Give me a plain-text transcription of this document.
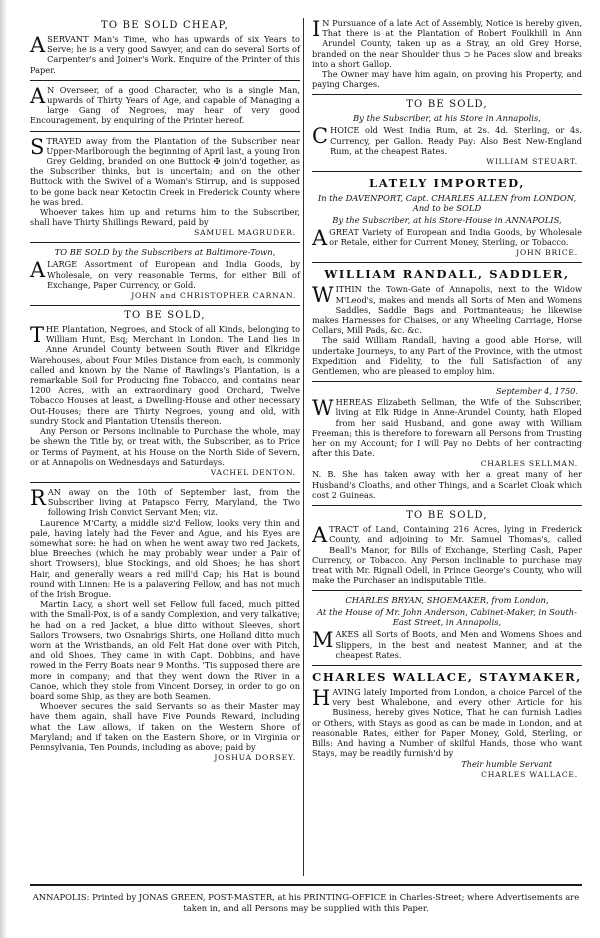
TO BE SOLD CHEAP,

ASERVANT Man's Time, who has upwards of six Years to Serve; he is a very good Sawyer, and can do several Sorts of Carpenter's and Joiner's Work. Enquire of the Printer of this Paper.

A N Overseer, of a good Character, who is a single Man, upwards of Thirty Years of Age, and capable of Managing a large Gang of Negroes, may hear of very good Encouragement, by enquiring of the Printer hereof.

STRAYED away from the Plantation of the Subscriber near Upper-Marlborough the beginning of April last, a young Iron Grey Gelding, branded on one Buttock ✠ join'd together, as the Subscriber thinks, but is uncertain; and on the other Buttock with the Swivel of a Woman's Stirrup, and is supposed to be gone back near Ketoctin Creek in Frederick County where he was bred.

Whoever takes him up and returns him to the Subscriber, shall have Thirty Shillings Reward, paid by

SAMUEL MAGRUDER.
TO BE SOLD by the Subscribers at Baltimore-Town,

ALARGE Assortment of European and India Goods, by Wholesale, on very reasonable Terms, for either Bill of Exchange, Paper Currency, or Gold.

JOHN and CHRISTOPHER CARNAN.
TO BE SOLD,

THE Plantation, Negroes, and Stock of all Kinds, belonging to William Hunt, Esq; Merchant in London. The Land lies in Anne Arundel County between South River and Elkridge Warehouses, about Four Miles Distance from each, is commonly called and known by the Name of Rawlings's Plantation, is a remarkable Soil for Producing fine Tobacco, and contains near 1200 Acres, with an extraordinary good Orchard, Twelve Tobacco Houses at least, a Dwelling-House and other necessary Out-Houses; there are Thirty Negroes, young and old, with sundry Stock and Plantation Utensils thereon.

Any Person or Persons inclinable to Purchase the whole, may be shewn the Title by, or treat with, the Subscriber, as to Price or Terms of Payment, at his House on the North Side of Severn, or at Annapolis on Wednesdays and Saturdays.

VACHEL DENTON.

RAN away on the 10th of September last, from the Subscriber living at Patapsco Ferry, Maryland, the Two following Irish Convict Servant Men; viz.

Laurence M'Carty, a middle siz'd Fellow, looks very thin and pale, having lately had the Fever and Ague, and his Eyes are somewhat sore: he had on when he went away two red Jackets, blue Breeches (which he may probably wear under a Pair of short Trowsers), blue Stockings, and old Shoes; he has short Hair, and generally wears a red mill'd Cap; his Hat is bound round with Linnen: He is a palavering Fellow, and has not much of the Irish Brogue.

Martin Lacy, a short well set Fellow full faced, much pitted with the Small-Pox, is of a sandy Complexion, and very talkative; he had on a red Jacket, a blue ditto without Sleeves, short Sailors Trowsers, two Osnabrigs Shirts, one Holland ditto much worn at the Wristbands, an old Felt Hat done over with Pitch, and old Shoes. They came in with Capt. Dobbins, and have rowed in the Ferry Boats near 9 Months. 'Tis supposed there are more in company; and that they went down the River in a Canoe, which they stole from Vincent Dorsey, in order to go on board some Ship, as they are both Seamen.

Whoever secures the said Servants so as their Master may have them again, shall have Five Pounds Reward, including what the Law allows, if taken on the Western Shore of Maryland; and if taken on the Eastern Shore, or in Virginia or Pennsylvania, Ten Pounds, including as above; paid by

JOSHUA DORSEY.

I N Pursuance of a late Act of Assembly, Notice is hereby given, That there is at the Plantation of Robert Foulkhill in Ann Arundel County, taken up as a Stray, an old Grey Horse, branded on the near Shoulder thus ⊃ he Paces slow and breaks into a short Gallop.

The Owner may have him again, on proving his Property, and paying Charges.

TO BE SOLD,
By the Subscriber, at his Store in Annapolis,

CHOICE old West India Rum, at 2s. 4d. Sterling, or 4s. Currency, per Gallon. Ready Pay: Also Best New-England Rum, at the cheapest Rates.

WILLIAM STEUART.
LATELY IMPORTED,
In the DAVENPORT, Capt. CHARLES ALLEN from LONDON, And to be SOLD
By the Subscriber, at his Store-House in ANNAPOLIS,

AGREAT Variety of European and India Goods, by Wholesale or Retale, either for Current Money, Sterling, or Tobacco.

JOHN BRICE.
WILLIAM RANDALL, SADDLER,

WITHIN the Town-Gate of Annapolis, next to the Widow M'Leod's, makes and mends all Sorts of Men and Womens Saddles, Saddle Bags and Portmanteaus; he likewise makes Harnesses for Chaises, or any Wheeling Carriage, Horse Collars, Mill Pads, &c. &c.

The said William Randall, having a good able Horse, will undertake Journeys, to any Part of the Province, with the utmost Expedition and Fidelity, to the full Satisfaction of any Gentlemen, who are pleased to employ him.

September 4, 1750.

WHEREAS Elizabeth Sellman, the Wife of the Subscriber, living at Elk Ridge in Anne-Arundel County, hath Eloped from her said Husband, and gone away with William Freeman; this is therefore to forewarn all Persons from Trusting her on my Account; for I will Pay no Debts of her contracting after this Date.

CHARLES SELLMAN.

N. B. She has taken away with her a great many of her Husband's Cloaths, and other Things, and a Scarlet Cloak which cost 2 Guineas.

TO BE SOLD,

ATRACT of Land, Containing 216 Acres, lying in Frederick County, and adjoining to Mr. Samuel Thomas's, called Beall's Manor, for Bills of Exchange, Sterling Cash, Paper Currency, or Tobacco. Any Person inclinable to purchase may treat with Mr. Rignall Odell, in Prince George's County, who will make the Purchaser an indisputable Title.

CHARLES BRYAN, SHOEMAKER, from London,
At the House of Mr. John Anderson, Cabinet-Maker, in South-East Street, in Annapolis,

MAKES all Sorts of Boots, and Men and Womens Shoes and Slippers, in the best and neatest Manner, and at the cheapest Rates.

CHARLES WALLACE, STAYMAKER,

HAVING lately Imported from London, a choice Parcel of the very best Whalebone, and every other Article for his Business, hereby gives Notice, That he can furnish Ladies or Others, with Stays as good as can be made in London, and at reasonable Rates, either for Paper Money, Gold, Sterling, or Bills: And having a Number of skilful Hands, those who want Stays, may be readily furnish'd by

Their humble Servant
CHARLES WALLACE.
ANNAPOLIS: Printed by JONAS GREEN, POST-MASTER, at his PRINTING-OFFICE in Charles-Street; where Advertisements are taken in, and all Persons may be supplied with this Paper.
